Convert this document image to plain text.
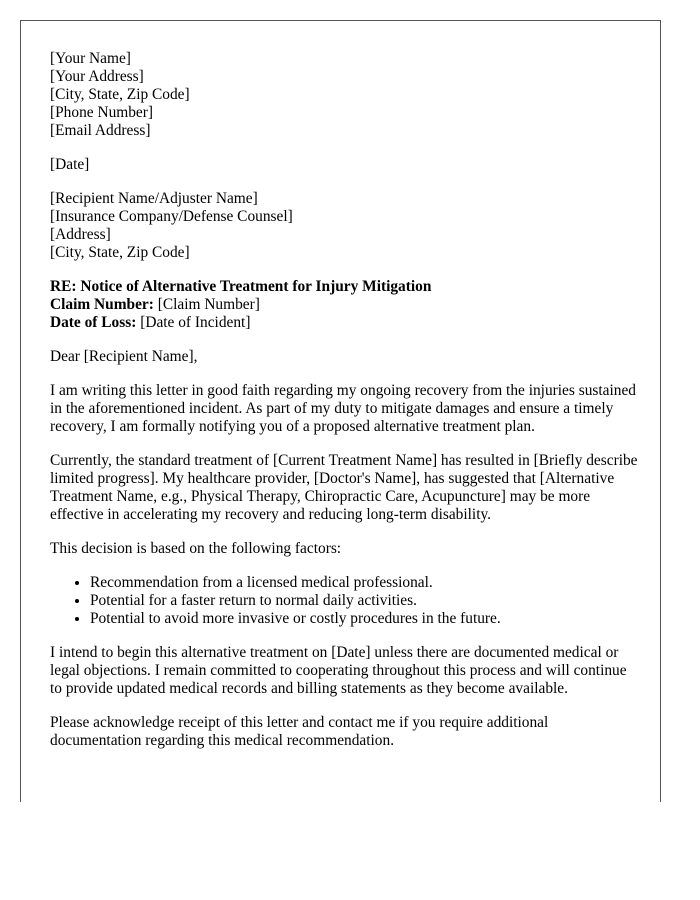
[Your Name]
[Your Address]
[City, State, Zip Code]
[Phone Number]
[Email Address]
[Date]
[Recipient Name/Adjuster Name]
[Insurance Company/Defense Counsel]
[Address]
[City, State, Zip Code]
RE: Notice of Alternative Treatment for Injury Mitigation
Claim Number: [Claim Number]
Date of Loss: [Date of Incident]

Dear [Recipient Name],

I am writing this letter in good faith regarding my ongoing recovery from the injuries sustained in the aforementioned incident. As part of my duty to mitigate damages and ensure a timely recovery, I am formally notifying you of a proposed alternative treatment plan.

Currently, the standard treatment of [Current Treatment Name] has resulted in [Briefly describe limited progress]. My healthcare provider, [Doctor's Name], has suggested that [Alternative Treatment Name, e.g., Physical Therapy, Chiropractic Care, Acupuncture] may be more effective in accelerating my recovery and reducing long-term disability.

This decision is based on the following factors:

• Recommendation from a licensed medical professional.
• Potential for a faster return to normal daily activities.
• Potential to avoid more invasive or costly procedures in the future.

I intend to begin this alternative treatment on [Date] unless there are documented medical or legal objections. I remain committed to cooperating throughout this process and will continue to provide updated medical records and billing statements as they become available.

Please acknowledge receipt of this letter and contact me if you require additional documentation regarding this medical recommendation.
